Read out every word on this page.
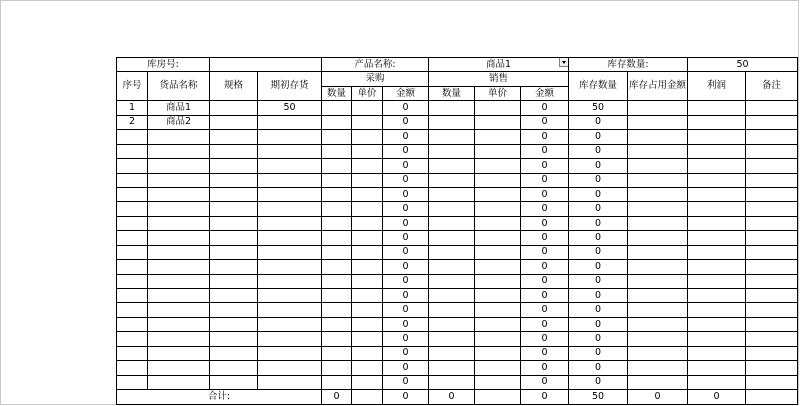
库房号:				产品名称:			商品1			库存数量:		50	
序号	货品名称	规格	期初存货	采购			销售			库存数量	库存占用金额	利润	备注
				数量	单价	金额	数量	单价	金额				
1	商品1		50			0			0	50			
2	商品2					0			0	0			
						0			0	0			
						0			0	0			
						0			0	0			
						0			0	0			
						0			0	0			
						0			0	0			
						0			0	0			
						0			0	0			
						0			0	0			
						0			0	0			
						0			0	0			
						0			0	0			
						0			0	0			
						0			0	0			
						0			0	0			
						0			0	0			
						0			0	0			
						0			0	0			
合计:				0		0	0		0	50	0	0	
